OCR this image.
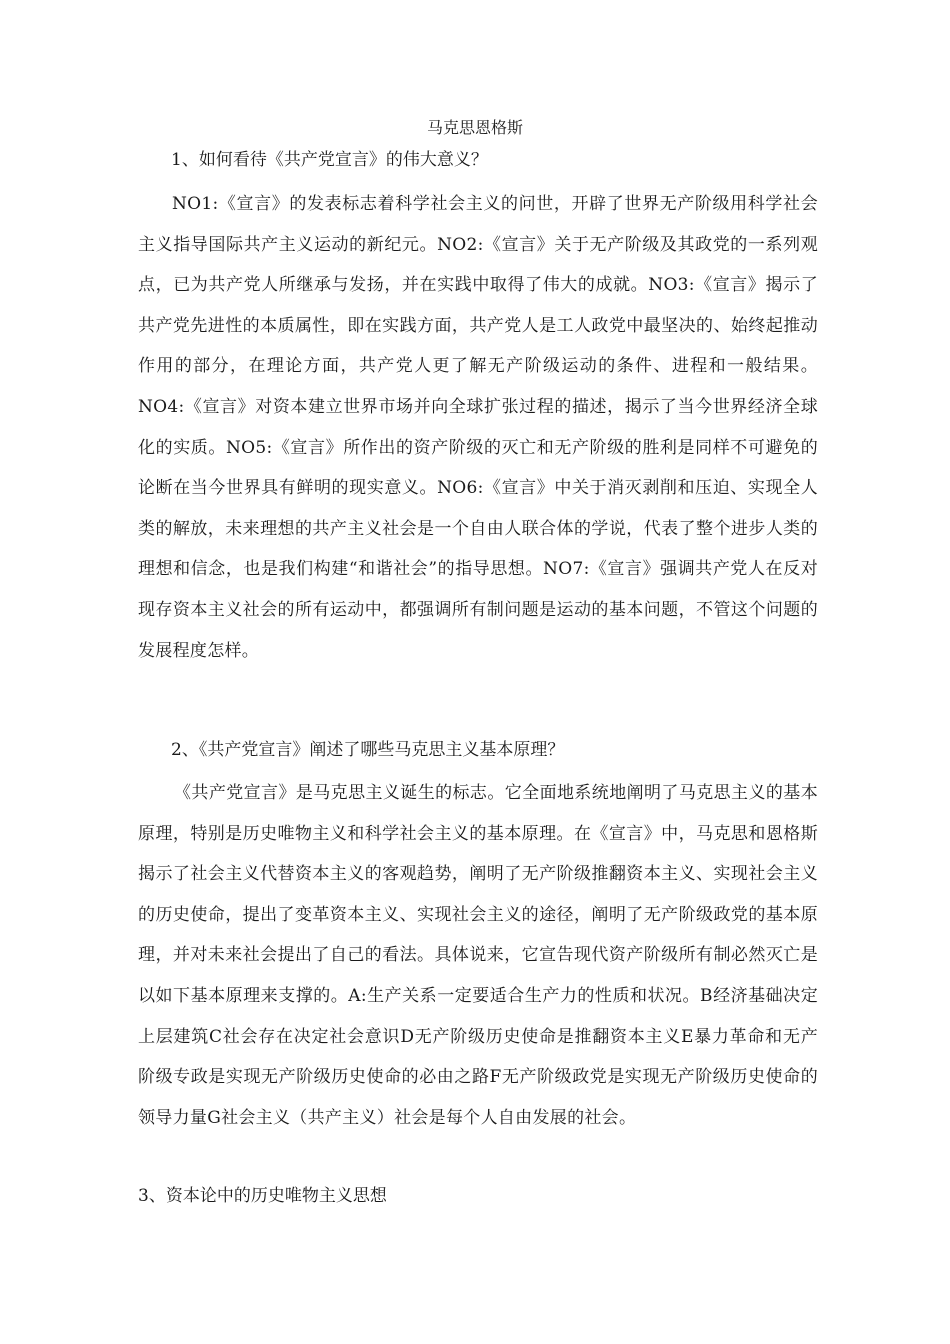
马克思恩格斯

1、如何看待《共产党宣言》的伟大意义？

NO1:《宣言》的发表标志着科学社会主义的问世，开辟了世界无产阶级用科学社会主义指导国际共产主义运动的新纪元。NO2:《宣言》关于无产阶级及其政党的一系列观点，已为共产党人所继承与发扬，并在实践中取得了伟大的成就。NO3:《宣言》揭示了共产党先进性的本质属性，即在实践方面，共产党人是工人政党中最坚决的、始终起推动作用的部分，在理论方面，共产党人更了解无产阶级运动的条件、进程和一般结果。NO4:《宣言》对资本建立世界市场并向全球扩张过程的描述，揭示了当今世界经济全球化的实质。NO5:《宣言》所作出的资产阶级的灭亡和无产阶级的胜利是同样不可避免的论断在当今世界具有鲜明的现实意义。NO6:《宣言》中关于消灭剥削和压迫、实现全人类的解放，未来理想的共产主义社会是一个自由人联合体的学说，代表了整个进步人类的理想和信念，也是我们构建“和谐社会”的指导思想。NO7:《宣言》强调共产党人在反对现存资本主义社会的所有运动中，都强调所有制问题是运动的基本问题，不管这个问题的发展程度怎样。

2、《共产党宣言》阐述了哪些马克思主义基本原理？

《共产党宣言》是马克思主义诞生的标志。它全面地系统地阐明了马克思主义的基本原理，特别是历史唯物主义和科学社会主义的基本原理。在《宣言》中，马克思和恩格斯揭示了社会主义代替资本主义的客观趋势，阐明了无产阶级推翻资本主义、实现社会主义的历史使命，提出了变革资本主义、实现社会主义的途径，阐明了无产阶级政党的基本原理，并对未来社会提出了自己的看法。具体说来，它宣告现代资产阶级所有制必然灭亡是以如下基本原理来支撑的。A:生产关系一定要适合生产力的性质和状况。B经济基础决定上层建筑C社会存在决定社会意识D无产阶级历史使命是推翻资本主义E暴力革命和无产阶级专政是实现无产阶级历史使命的必由之路F无产阶级政党是实现无产阶级历史使命的领导力量G社会主义（共产主义）社会是每个人自由发展的社会。

3、资本论中的历史唯物主义思想
